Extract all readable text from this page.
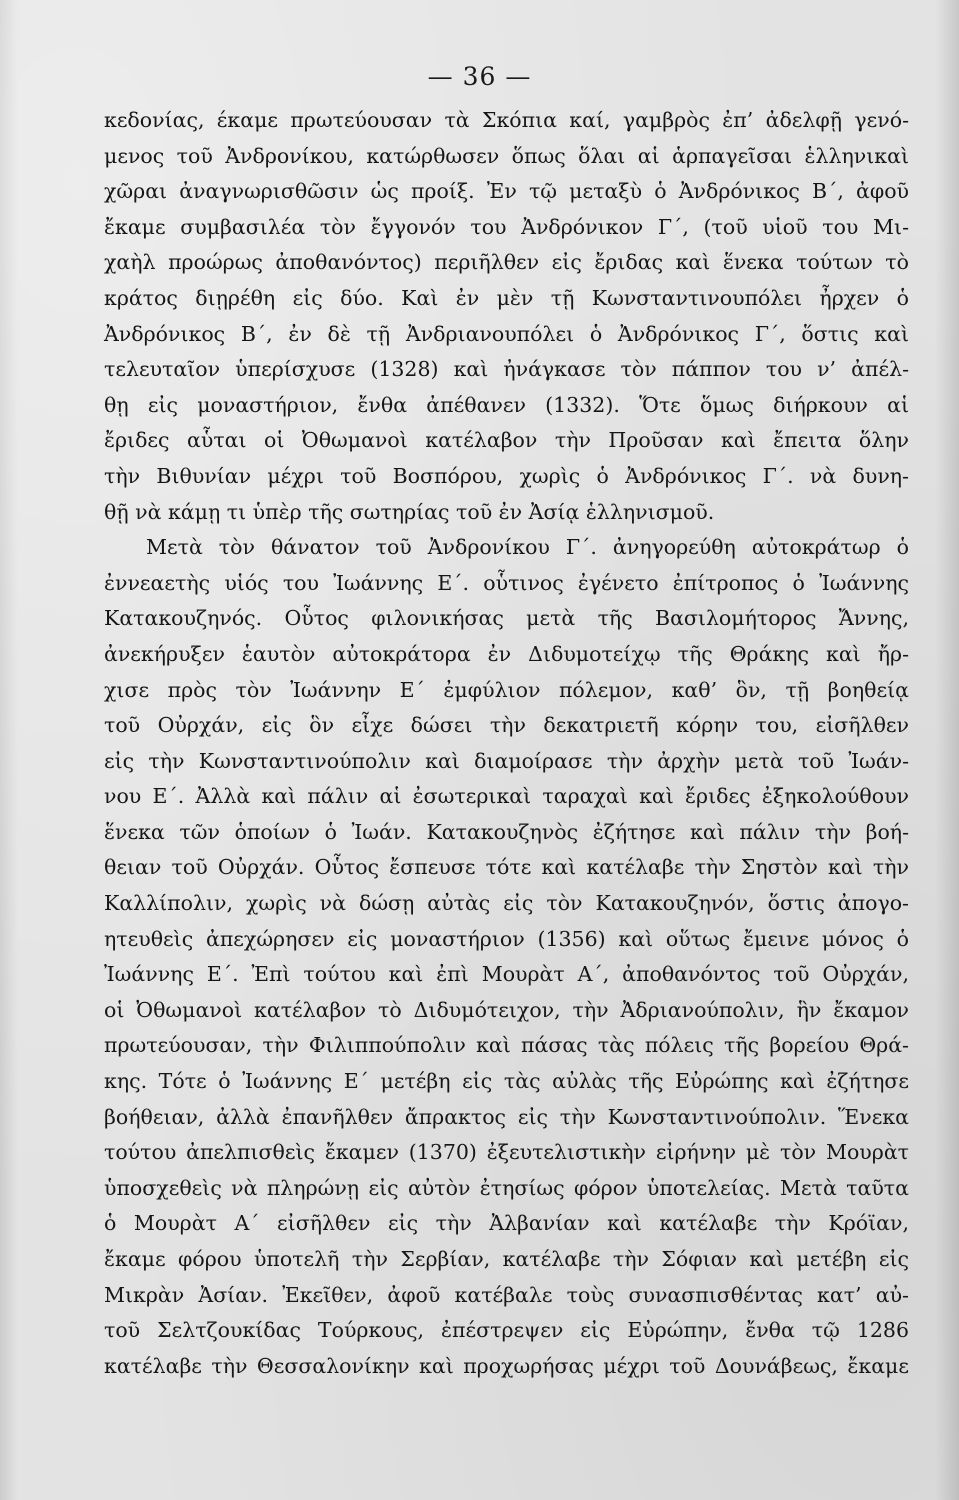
— 36 —
κεδονίας, έκαμε πρωτεύουσαν τὰ Σκόπια καί, γαμβρὸς ἐπ’ ἀδελφῇ γενό-
μενος τοῦ Ἀνδρονίκου, κατώρθωσεν ὅπως ὅλαι αἱ ἁρπαγεῖσαι ἑλληνικαὶ
χῶραι ἀναγνωρισθῶσιν ὡς προίξ. Ἐν τῷ μεταξὺ ὁ Ἀνδρόνικος Β΄, ἀφοῦ
ἔκαμε συμβασιλέα τὸν ἔγγονόν του Ἀνδρόνικον Γ΄, (τοῦ υἱοῦ του Μι-
χαὴλ προώρως ἀποθανόντος) περιῆλθεν εἰς ἔριδας καὶ ἕνεκα τούτων τὸ
κράτος διῃρέθη εἰς δύο. Καὶ ἐν μὲν τῇ Κωνσταντινουπόλει ἦρχεν ὁ
Ἀνδρόνικος Β΄, ἐν δὲ τῇ Ἀνδριανουπόλει ὁ Ἀνδρόνικος Γ΄, ὅστις καὶ
τελευταῖον ὑπερίσχυσε (1328) καὶ ἠνάγκασε τὸν πάππον του ν’ ἀπέλ-
θῃ εἰς μοναστήριον, ἔνθα ἀπέθανεν (1332). Ὅτε ὅμως διήρκουν αἱ
ἔριδες αὗται οἱ Ὀθωμανοὶ κατέλαβον τὴν Προῦσαν καὶ ἔπειτα ὅλην
τὴν Βιθυνίαν μέχρι τοῦ Βοσπόρου, χωρὶς ὁ Ἀνδρόνικος Γ΄. νὰ δυνη-
θῇ νὰ κάμῃ τι ὑπὲρ τῆς σωτηρίας τοῦ ἐν Ἀσίᾳ ἑλληνισμοῦ.
Μετὰ τὸν θάνατον τοῦ Ἀνδρονίκου Γ΄. ἀνηγορεύθη αὐτοκράτωρ ὁ
ἐννεαετὴς υἱός του Ἰωάννης Ε΄. οὗτινος ἐγένετο ἐπίτροπος ὁ Ἰωάννης
Κατακουζηνός. Οὗτος φιλονικήσας μετὰ τῆς Βασιλομήτορος Ἄννης,
ἀνεκήρυξεν ἑαυτὸν αὐτοκράτορα ἐν Διδυμοτείχῳ τῆς Θράκης καὶ ἤρ-
χισε πρὸς τὸν Ἰωάννην Ε΄ ἐμφύλιον πόλεμον, καθ’ ὃν, τῇ βοηθείᾳ
τοῦ Οὐρχάν, εἰς ὃν εἶχε δώσει τὴν δεκατριετῆ κόρην του, εἰσῆλθεν
εἰς τὴν Κωνσταντινούπολιν καὶ διαμοίρασε τὴν ἀρχὴν μετὰ τοῦ Ἰωάν-
νου Ε΄. Ἀλλὰ καὶ πάλιν αἱ ἐσωτερικαὶ ταραχαὶ καὶ ἔριδες ἐξηκολούθουν
ἕνεκα τῶν ὁποίων ὁ Ἰωάν. Κατακουζηνὸς ἐζήτησε καὶ πάλιν τὴν βοή-
θειαν τοῦ Οὐρχάν. Οὗτος ἔσπευσε τότε καὶ κατέλαβε τὴν Σηστὸν καὶ τὴν
Καλλίπολιν, χωρὶς νὰ δώσῃ αὐτὰς εἰς τὸν Κατακουζηνόν, ὅστις ἀπογο-
ητευθεὶς ἀπεχώρησεν εἰς μοναστήριον (1356) καὶ οὕτως ἔμεινε μόνος ὁ
Ἰωάννης Ε΄. Ἐπὶ τούτου καὶ ἐπὶ Μουρὰτ Α΄, ἀποθανόντος τοῦ Οὐρχάν,
οἱ Ὀθωμανοὶ κατέλαβον τὸ Διδυμότειχον, τὴν Ἀδριανούπολιν, ἣν ἔκαμον
πρωτεύουσαν, τὴν Φιλιππούπολιν καὶ πάσας τὰς πόλεις τῆς βορείου Θρά-
κης. Τότε ὁ Ἰωάννης Ε΄ μετέβη εἰς τὰς αὐλὰς τῆς Εὐρώπης καὶ ἐζήτησε
βοήθειαν, ἀλλὰ ἐπανῆλθεν ἄπρακτος εἰς τὴν Κωνσταντινούπολιν. Ἕνεκα
τούτου ἀπελπισθεὶς ἔκαμεν (1370) ἐξευτελιστικὴν εἰρήνην μὲ τὸν Μουρὰτ
ὑποσχεθεὶς νὰ πληρώνῃ εἰς αὐτὸν ἐτησίως φόρον ὑποτελείας. Μετὰ ταῦτα
ὁ Μουρὰτ Α΄ εἰσῆλθεν εἰς τὴν Ἀλβανίαν καὶ κατέλαβε τὴν Κρόϊαν,
ἔκαμε φόρου ὑποτελῆ τὴν Σερβίαν, κατέλαβε τὴν Σόφιαν καὶ μετέβη εἰς
Μικρὰν Ἀσίαν. Ἐκεῖθεν, ἀφοῦ κατέβαλε τοὺς συνασπισθέντας κατ’ αὐ-
τοῦ Σελτζουκίδας Τούρκους, ἐπέστρεψεν εἰς Εὐρώπην, ἔνθα τῷ 1286
κατέλαβε τὴν Θεσσαλονίκην καὶ προχωρήσας μέχρι τοῦ Δουνάβεως, ἔκαμε
